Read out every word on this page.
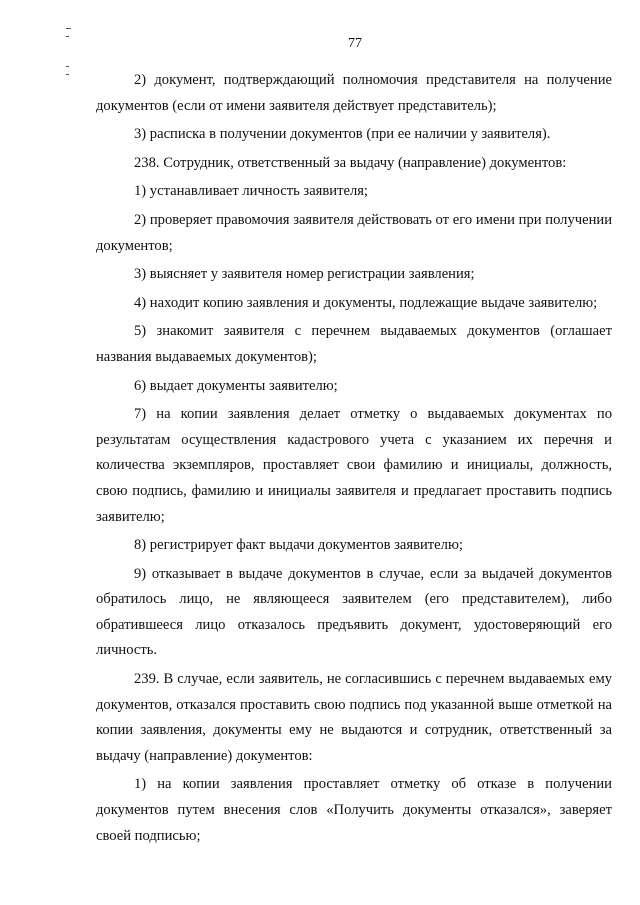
77

2) документ, подтверждающий полномочия представителя на получение документов (если от имени заявителя действует представитель);

3) расписка в получении документов (при ее наличии у заявителя).

238. Сотрудник, ответственный за выдачу (направление) документов:

1) устанавливает личность заявителя;

2) проверяет правомочия заявителя действовать от его имени при получении документов;

3) выясняет у заявителя номер регистрации заявления;

4) находит копию заявления и документы, подлежащие выдаче заявителю;

5) знакомит заявителя с перечнем выдаваемых документов (оглашает названия выдаваемых документов);

6) выдает документы заявителю;

7) на копии заявления делает отметку о выдаваемых документах по результатам осуществления кадастрового учета с указанием их перечня и количества экземпляров, проставляет свои фамилию и инициалы, должность, свою подпись, фамилию и инициалы заявителя и предлагает проставить подпись заявителю;

8) регистрирует факт выдачи документов заявителю;

9) отказывает в выдаче документов в случае, если за выдачей документов обратилось лицо, не являющееся заявителем (его представителем), либо обратившееся лицо отказалось предъявить документ, удостоверяющий его личность.

239. В случае, если заявитель, не согласившись с перечнем выдаваемых ему документов, отказался проставить свою подпись под указанной выше отметкой на копии заявления, документы ему не выдаются и сотрудник, ответственный за выдачу (направление) документов:

1) на копии заявления проставляет отметку об отказе в получении документов путем внесения слов «Получить документы отказался», заверяет своей подписью;
